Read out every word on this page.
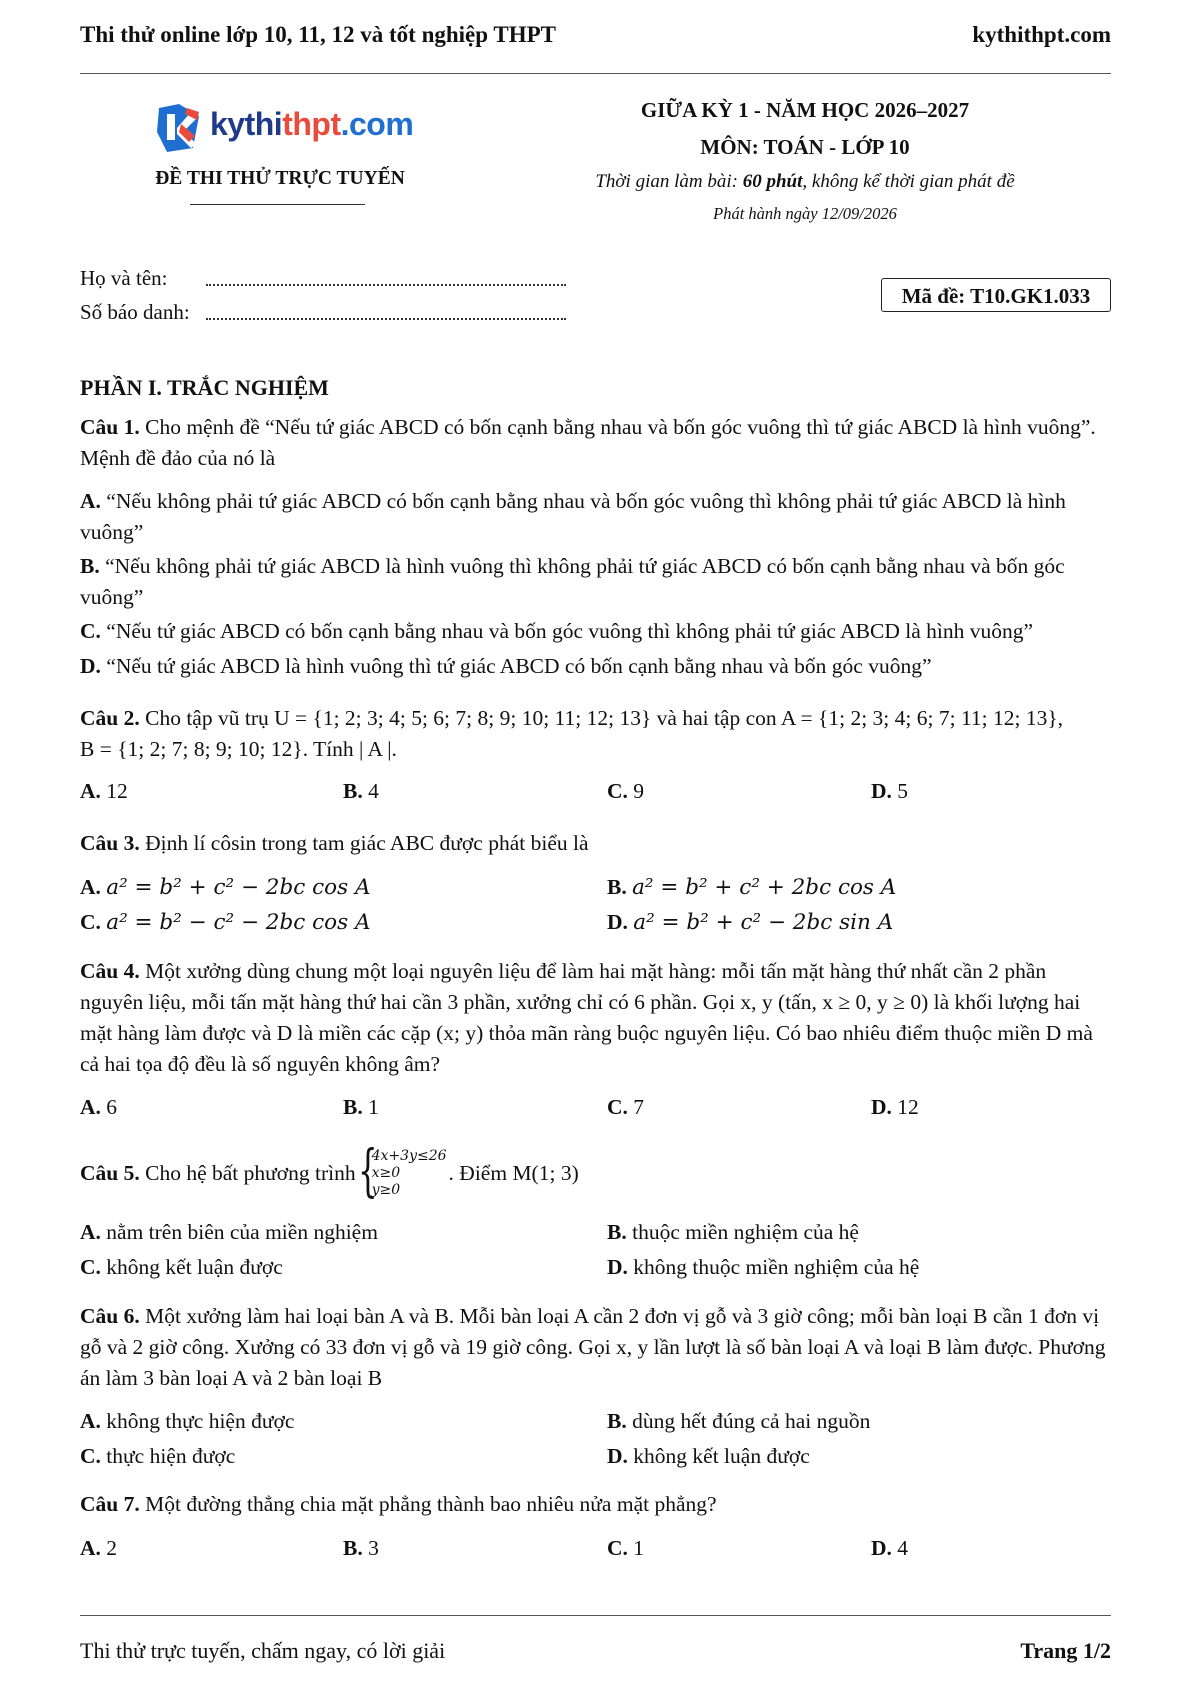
Thi thử online lớp 10, 11, 12 và tốt nghiệp THPT	kythithpt.com
kythithpt.com
ĐỀ THI THỬ TRỰC TUYẾN
GIỮA KỲ 1 - NĂM HỌC 2026–2027
MÔN: TOÁN - LỚP 10
Thời gian làm bài: 60 phút, không kể thời gian phát đề
Phát hành ngày 12/09/2026
Họ và tên:
Số báo danh:
Mã đề: T10.GK1.033
PHẦN I. TRẮC NGHIỆM
Câu 1. Cho mệnh đề “Nếu tứ giác ABCD có bốn cạnh bằng nhau và bốn góc vuông thì tứ giác ABCD là hình vuông”. Mệnh đề đảo của nó là
A. “Nếu không phải tứ giác ABCD có bốn cạnh bằng nhau và bốn góc vuông thì không phải tứ giác ABCD là hình vuông”
B. “Nếu không phải tứ giác ABCD là hình vuông thì không phải tứ giác ABCD có bốn cạnh bằng nhau và bốn góc vuông”
C. “Nếu tứ giác ABCD có bốn cạnh bằng nhau và bốn góc vuông thì không phải tứ giác ABCD là hình vuông”
D. “Nếu tứ giác ABCD là hình vuông thì tứ giác ABCD có bốn cạnh bằng nhau và bốn góc vuông”
Câu 2. Cho tập vũ trụ U = {1; 2; 3; 4; 5; 6; 7; 8; 9; 10; 11; 12; 13} và hai tập con A = {1; 2; 3; 4; 6; 7; 11; 12; 13},
B = {1; 2; 7; 8; 9; 10; 12}. Tính | A |.
A. 12	B. 4	C. 9	D. 5
Câu 3. Định lí côsin trong tam giác ABC được phát biểu là
A. a² = b² + c² − 2bc cos A	B. a² = b² + c² + 2bc cos A
C. a² = b² − c² − 2bc cos A	D. a² = b² + c² − 2bc sin A
Câu 4. Một xưởng dùng chung một loại nguyên liệu để làm hai mặt hàng: mỗi tấn mặt hàng thứ nhất cần 2 phần nguyên liệu, mỗi tấn mặt hàng thứ hai cần 3 phần, xưởng chỉ có 6 phần. Gọi x, y (tấn, x ≥ 0, y ≥ 0) là khối lượng hai mặt hàng làm được và D là miền các cặp (x; y) thỏa mãn ràng buộc nguyên liệu. Có bao nhiêu điểm thuộc miền D mà cả hai tọa độ đều là số nguyên không âm?
A. 6	B. 1	C. 7	D. 12
Câu 5.
Cho hệ bất phương trình {
4x+3y≤26
x≥0
y≥0
. Điểm M(1; 3)
A. nằm trên biên của miền nghiệm	B. thuộc miền nghiệm của hệ
C. không kết luận được	D. không thuộc miền nghiệm của hệ
Câu 6. Một xưởng làm hai loại bàn A và B. Mỗi bàn loại A cần 2 đơn vị gỗ và 3 giờ công; mỗi bàn loại B cần 1 đơn vị gỗ và 2 giờ công. Xưởng có 33 đơn vị gỗ và 19 giờ công. Gọi x, y lần lượt là số bàn loại A và loại B làm được. Phương án làm 3 bàn loại A và 2 bàn loại B
A. không thực hiện được	B. dùng hết đúng cả hai nguồn
C. thực hiện được	D. không kết luận được
Câu 7. Một đường thẳng chia mặt phẳng thành bao nhiêu nửa mặt phẳng?
A. 2	B. 3	C. 1	D. 4
Thi thử trực tuyến, chấm ngay, có lời giải	Trang 1/2
